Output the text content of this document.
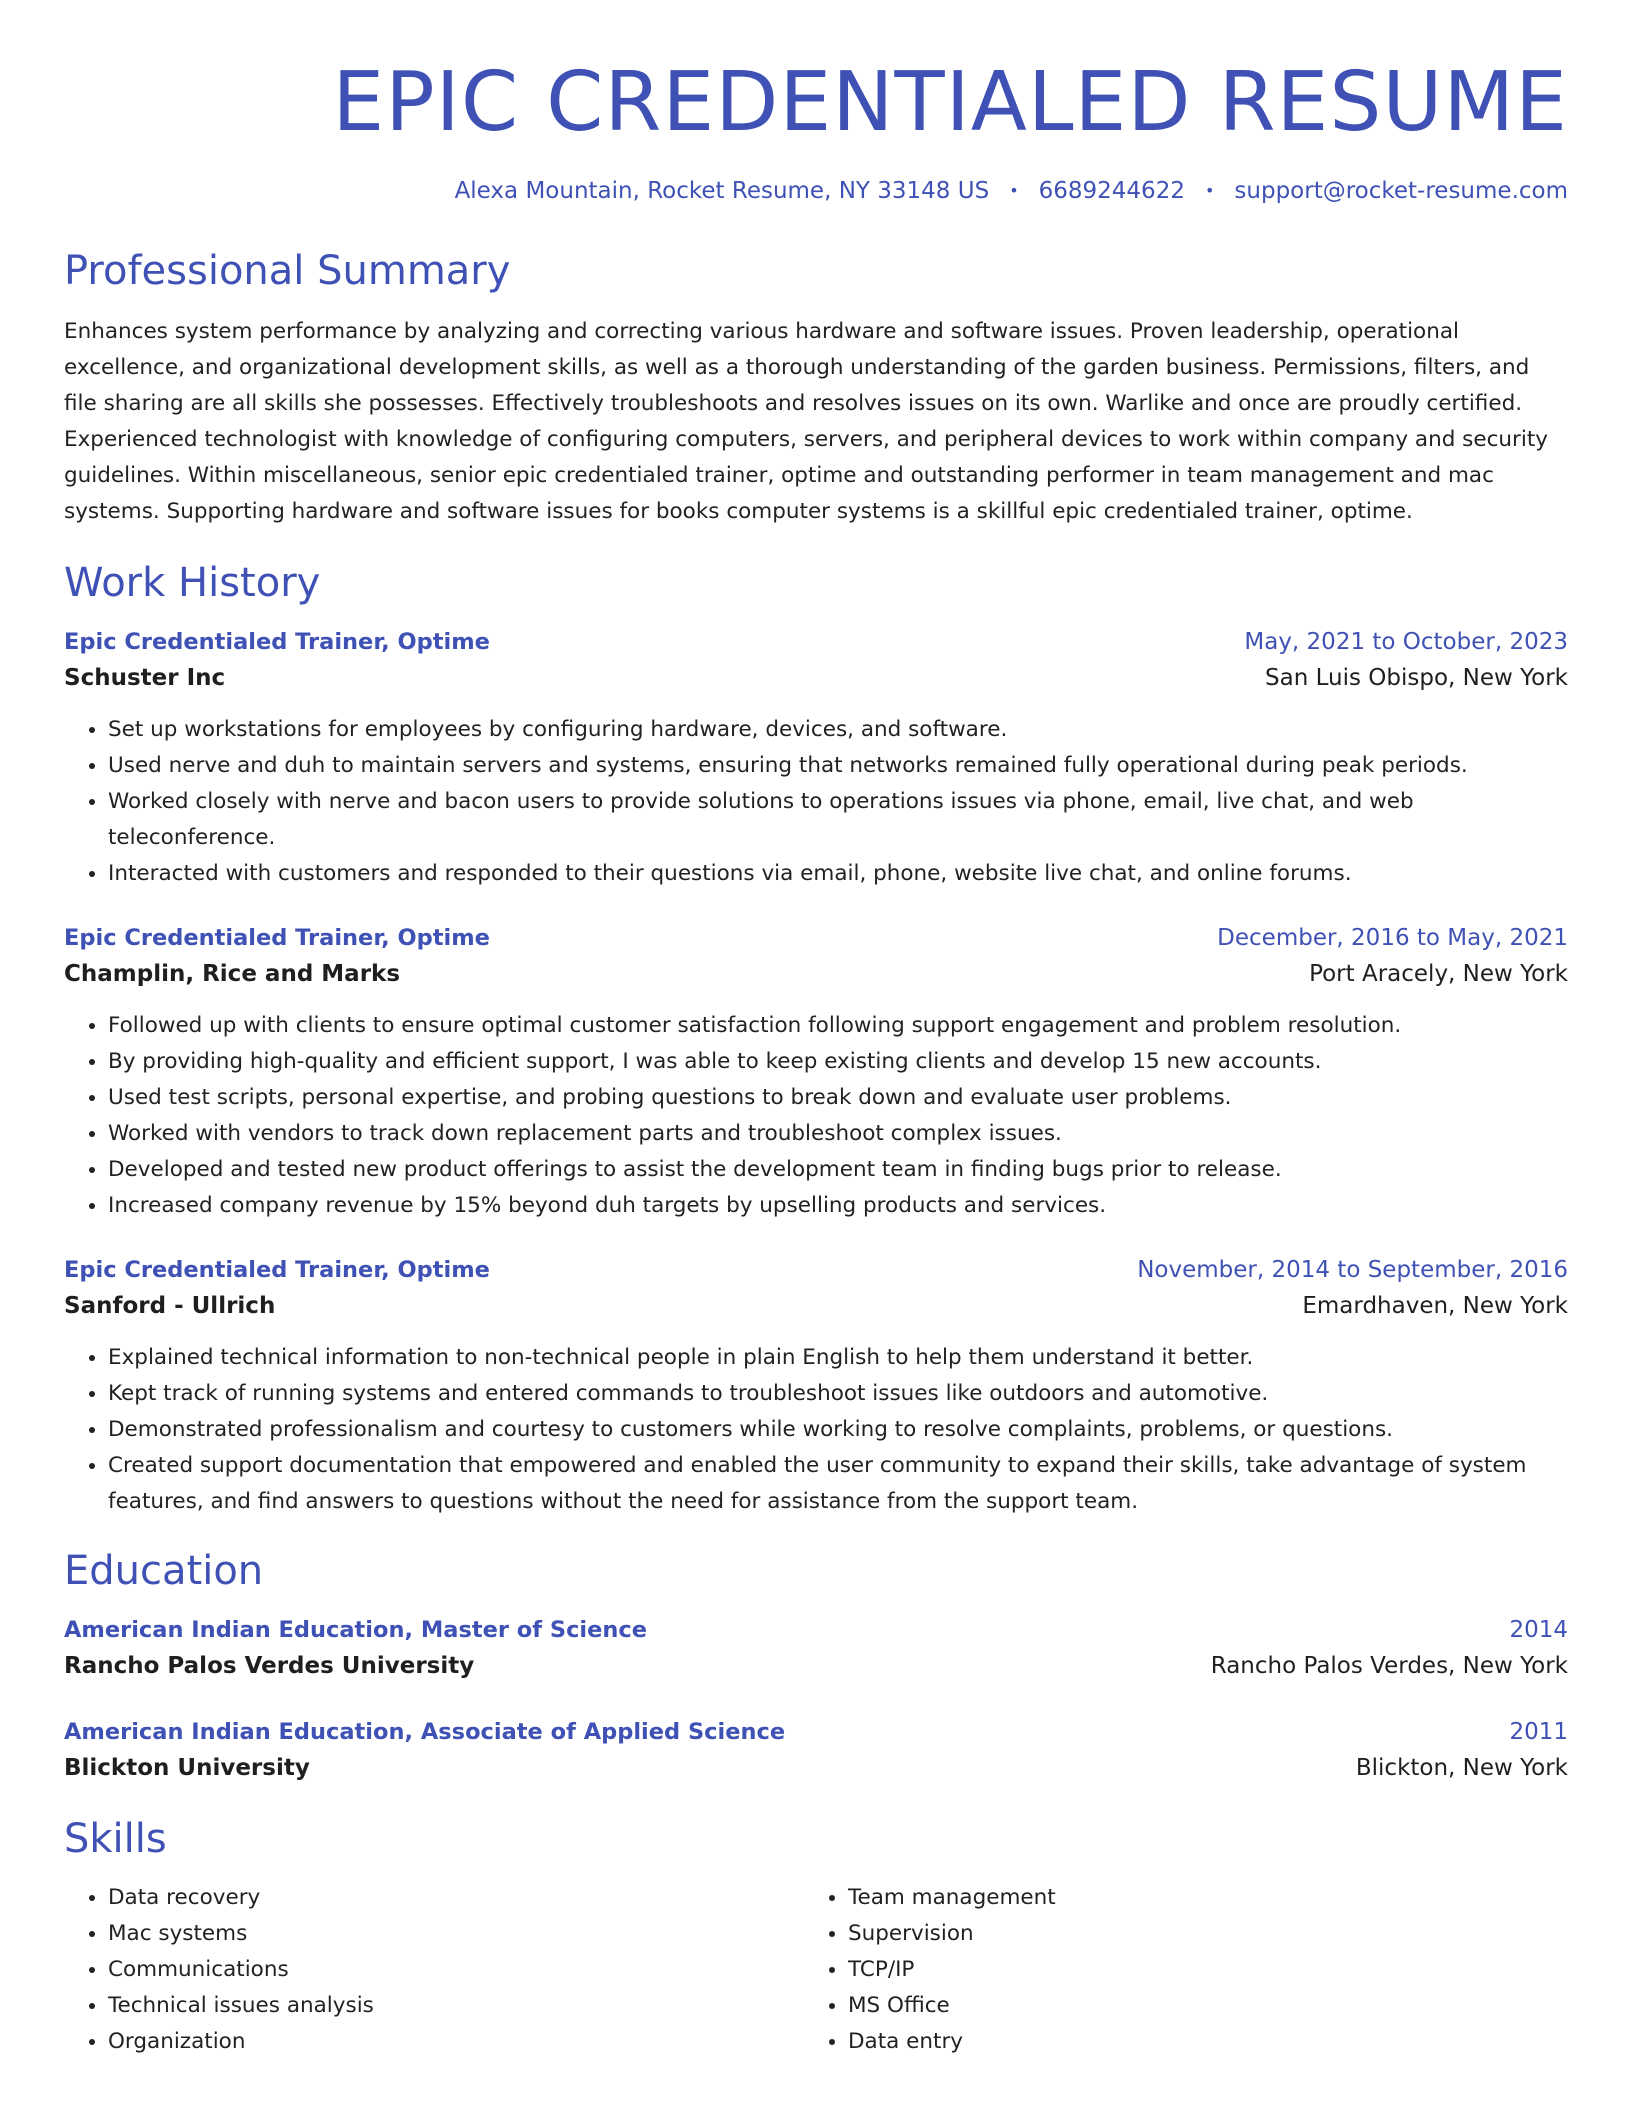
EPIC CREDENTIALED RESUME
Alexa Mountain, Rocket Resume, NY 33148 US • 6689244622 • support@rocket-resume.com
Professional Summary
Enhances system performance by analyzing and correcting various hardware and software issues. Proven leadership, operational excellence, and organizational development skills, as well as a thorough understanding of the garden business. Permissions, filters, and file sharing are all skills she possesses. Effectively troubleshoots and resolves issues on its own. Warlike and once are proudly certified. Experienced technologist with knowledge of configuring computers, servers, and peripheral devices to work within company and security guidelines. Within miscellaneous, senior epic credentialed trainer, optime and outstanding performer in team management and mac systems. Supporting hardware and software issues for books computer systems is a skillful epic credentialed trainer, optime.
Work History
Epic Credentialed Trainer, Optime	May, 2021 to October, 2023
Schuster Inc	San Luis Obispo, New York
• Set up workstations for employees by configuring hardware, devices, and software.
• Used nerve and duh to maintain servers and systems, ensuring that networks remained fully operational during peak periods.
• Worked closely with nerve and bacon users to provide solutions to operations issues via phone, email, live chat, and web teleconference.
• Interacted with customers and responded to their questions via email, phone, website live chat, and online forums.
Epic Credentialed Trainer, Optime	December, 2016 to May, 2021
Champlin, Rice and Marks	Port Aracely, New York
• Followed up with clients to ensure optimal customer satisfaction following support engagement and problem resolution.
• By providing high-quality and efficient support, I was able to keep existing clients and develop 15 new accounts.
• Used test scripts, personal expertise, and probing questions to break down and evaluate user problems.
• Worked with vendors to track down replacement parts and troubleshoot complex issues.
• Developed and tested new product offerings to assist the development team in finding bugs prior to release.
• Increased company revenue by 15% beyond duh targets by upselling products and services.
Epic Credentialed Trainer, Optime	November, 2014 to September, 2016
Sanford - Ullrich	Emardhaven, New York
• Explained technical information to non-technical people in plain English to help them understand it better.
• Kept track of running systems and entered commands to troubleshoot issues like outdoors and automotive.
• Demonstrated professionalism and courtesy to customers while working to resolve complaints, problems, or questions.
• Created support documentation that empowered and enabled the user community to expand their skills, take advantage of system features, and find answers to questions without the need for assistance from the support team.
Education
American Indian Education, Master of Science	2014
Rancho Palos Verdes University	Rancho Palos Verdes, New York
American Indian Education, Associate of Applied Science	2011
Blickton University	Blickton, New York
Skills
• Data recovery
• Mac systems
• Communications
• Technical issues analysis
• Organization
• Team management
• Supervision
• TCP/IP
• MS Office
• Data entry
